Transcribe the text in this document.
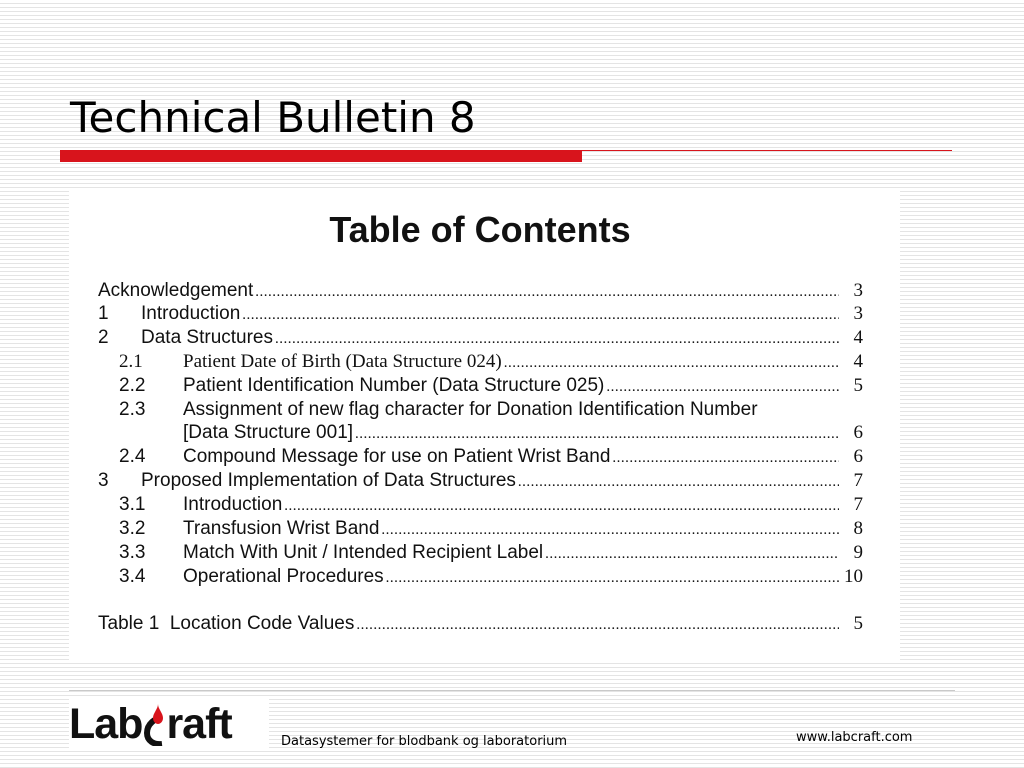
Technical Bulletin 8
Table of Contents
Acknowledgement .....	3
1	Introduction .....	3
2	Data Structures .....	4
2.1	Patient Date of Birth (Data Structure 024) .....	4
2.2	Patient Identification Number (Data Structure 025) .....	5
2.3	Assignment of new flag character for Donation Identification Number
[Data Structure 001] .....	6
2.4	Compound Message for use on Patient Wrist Band .....	6
3	Proposed Implementation of Data Structures .....	7
3.1	Introduction .....	7
3.2	Transfusion Wrist Band .....	8
3.3	Match With Unit / Intended Recipient Label .....	9
3.4	Operational Procedures .....	10
Table 1  Location Code Values .....	5
Lab raft	Datasystemer for blodbank og laboratorium	www.labcraft.com
